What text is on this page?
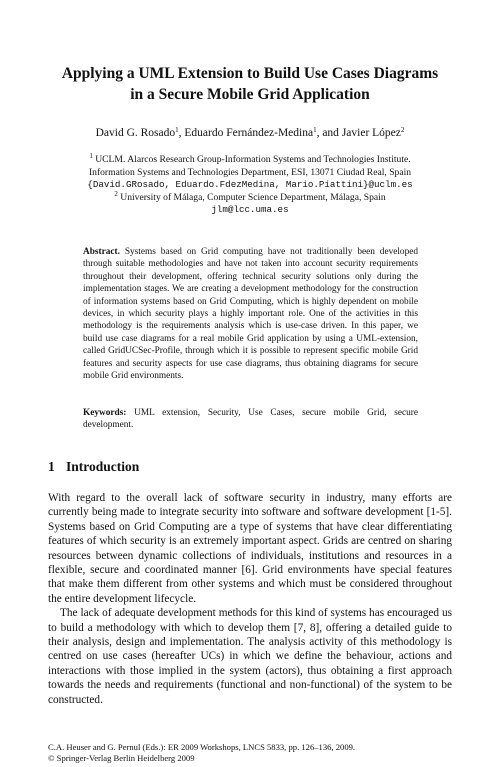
Applying a UML Extension to Build Use Cases Diagrams
in a Secure Mobile Grid Application
David G. Rosado$^1$, Eduardo Fernández-Medina$^1$, and Javier López$^2$
$^1$ UCLM. Alarcos Research Group-Information Systems and Technologies Institute.
Information Systems and Technologies Department, ESI, 13071 Ciudad Real, Spain
{David.GRosado, Eduardo.FdezMedina, Mario.Piattini}@uclm.es
$^2$ University of Málaga, Computer Science Department, Málaga, Spain
jlm@lcc.uma.es
Abstract. Systems based on Grid computing have not traditionally been developed through suitable methodologies and have not taken into account security requirements throughout their development, offering technical security solutions only during the implementation stages. We are creating a development methodology for the construction of information systems based on Grid Computing, which is highly dependent on mobile devices, in which security plays a highly important role. One of the activities in this methodology is the requirements analysis which is use-case driven. In this paper, we build use case diagrams for a real mobile Grid application by using a UML-extension, called GridUCSec-Profile, through which it is possible to represent specific mobile Grid features and security aspects for use case diagrams, thus obtaining diagrams for secure mobile Grid environments.
Keywords: UML extension, Security, Use Cases, secure mobile Grid, secure development.
1 Introduction

With regard to the overall lack of software security in industry, many efforts are currently being made to integrate security into software and software development [1-5]. Systems based on Grid Computing are a type of systems that have clear differentiating features of which security is an extremely important aspect. Grids are centred on sharing resources between dynamic collections of individuals, institutions and resources in a flexible, secure and coordinated manner [6]. Grid environments have special features that make them different from other systems and which must be considered throughout the entire development lifecycle.

The lack of adequate development methods for this kind of systems has encouraged us to build a methodology with which to develop them [7, 8], offering a detailed guide to their analysis, design and implementation. The analysis activity of this methodology is centred on use cases (hereafter UCs) in which we define the behaviour, actions and interactions with those implied in the system (actors), thus obtaining a first approach towards the needs and requirements (functional and non-functional) of the system to be constructed.

C.A. Heuser and G. Pernul (Eds.): ER 2009 Workshops, LNCS 5833, pp. 126–136, 2009.
© Springer-Verlag Berlin Heidelberg 2009
